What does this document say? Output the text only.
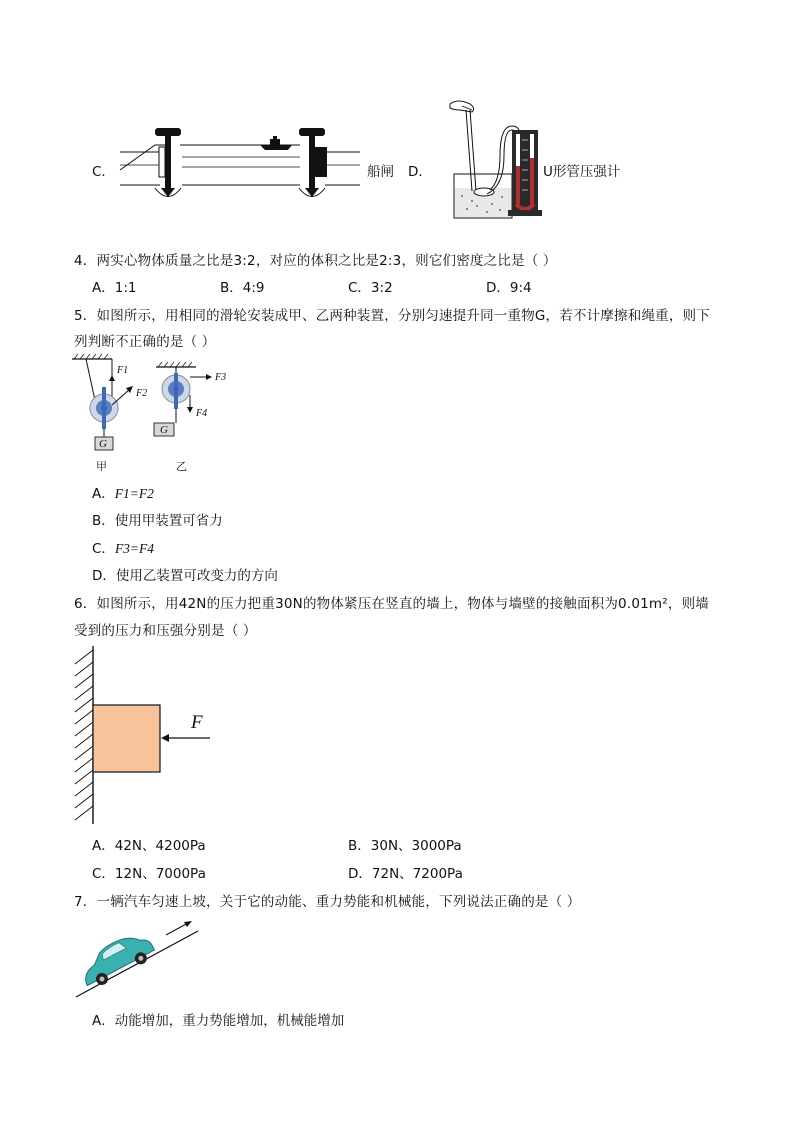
C．	船闸 D．	U形管压强计
4．两实心物体质量之比是3:2，对应的体积之比是2:3，则它们密度之比是（ ）
A．1:1	B．4:9	C．3:2	D．9:4
5．如图所示，用相同的滑轮安装成甲、乙两种装置，分别匀速提升同一重物G，若不计摩擦和绳重，则下
列判断不正确的是（ ）
F1
F2
F3
F4
G
G
甲	乙
A．F1=F2
B．使用甲装置可省力
C．F3=F4
D．使用乙装置可改变力的方向
6．如图所示，用42N的压力把重30N的物体紧压在竖直的墙上，物体与墙壁的接触面积为0.01m²，则墙
受到的压力和压强分别是（ ）
F
A．42N、4200Pa	B．30N、3000Pa
C．12N、7000Pa	D．72N、7200Pa
7．一辆汽车匀速上坡，关于它的动能、重力势能和机械能，下列说法正确的是（ ）
A．动能增加，重力势能增加，机械能增加
